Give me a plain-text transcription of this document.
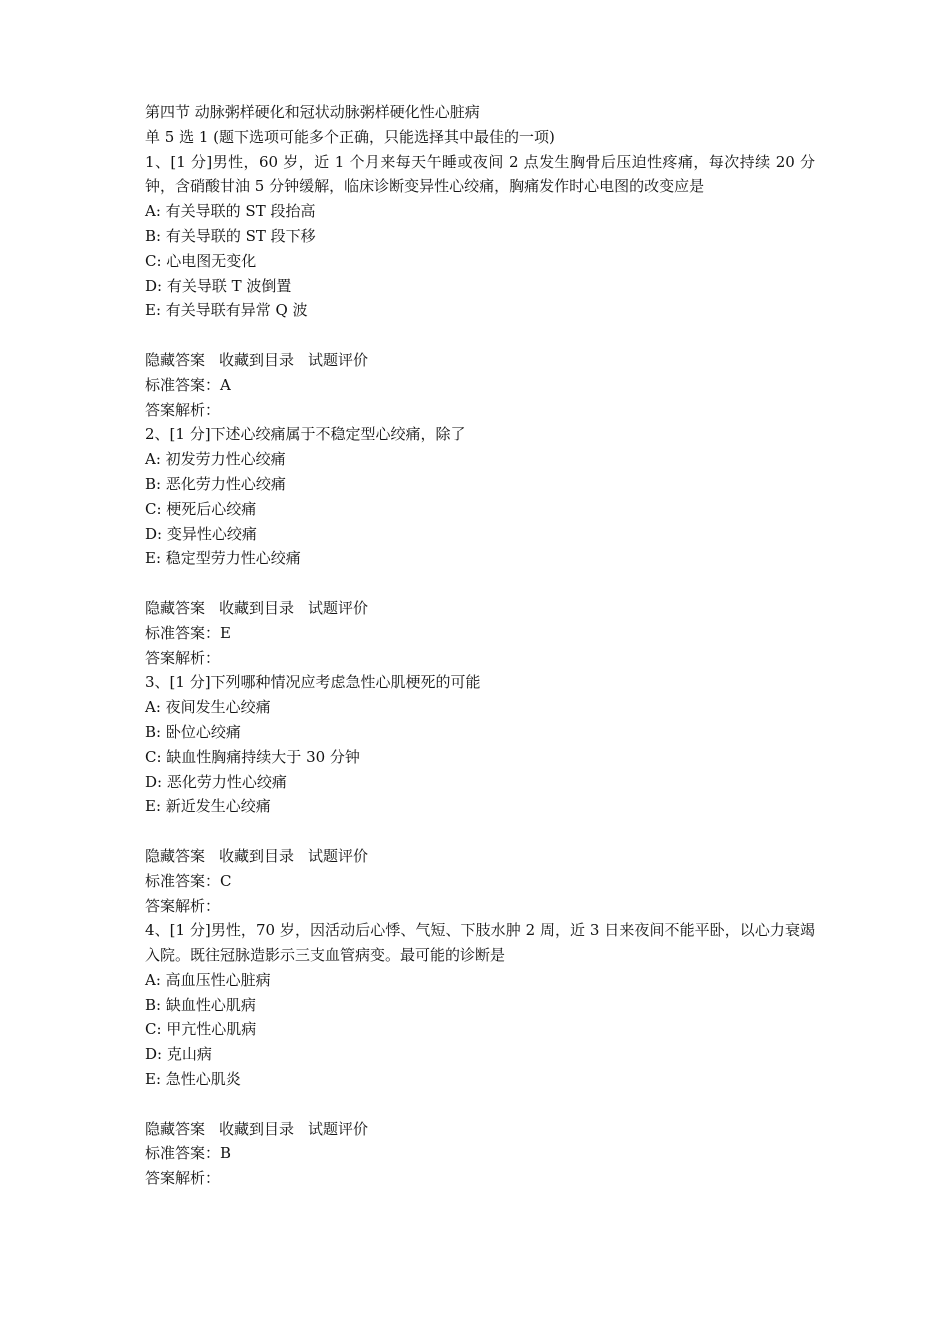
第四节 动脉粥样硬化和冠状动脉粥样硬化性心脏病
单 5 选 1 (题下选项可能多个正确，只能选择其中最佳的一项)
1、[1 分]男性，60 岁，近 1 个月来每天午睡或夜间 2 点发生胸骨后压迫性疼痛，每次持续 20 分钟，含硝酸甘油 5 分钟缓解，临床诊断变异性心绞痛，胸痛发作时心电图的改变应是
A: 有关导联的 ST 段抬高
B: 有关导联的 ST 段下移
C: 心电图无变化
D: 有关导联 T 波倒置
E: 有关导联有异常 Q 波
隐藏答案 收藏到目录 试题评价
标准答案：A
答案解析：
2、[1 分]下述心绞痛属于不稳定型心绞痛，除了
A: 初发劳力性心绞痛
B: 恶化劳力性心绞痛
C: 梗死后心绞痛
D: 变异性心绞痛
E: 稳定型劳力性心绞痛
隐藏答案 收藏到目录 试题评价
标准答案：E
答案解析：
3、[1 分]下列哪种情况应考虑急性心肌梗死的可能
A: 夜间发生心绞痛
B: 卧位心绞痛
C: 缺血性胸痛持续大于 30 分钟
D: 恶化劳力性心绞痛
E: 新近发生心绞痛
隐藏答案 收藏到目录 试题评价
标准答案：C
答案解析：
4、[1 分]男性，70 岁，因活动后心悸、气短、下肢水肿 2 周，近 3 日来夜间不能平卧，以心力衰竭入院。既往冠脉造影示三支血管病变。最可能的诊断是
A: 高血压性心脏病
B: 缺血性心肌病
C: 甲亢性心肌病
D: 克山病
E: 急性心肌炎
隐藏答案 收藏到目录 试题评价
标准答案：B
答案解析：
